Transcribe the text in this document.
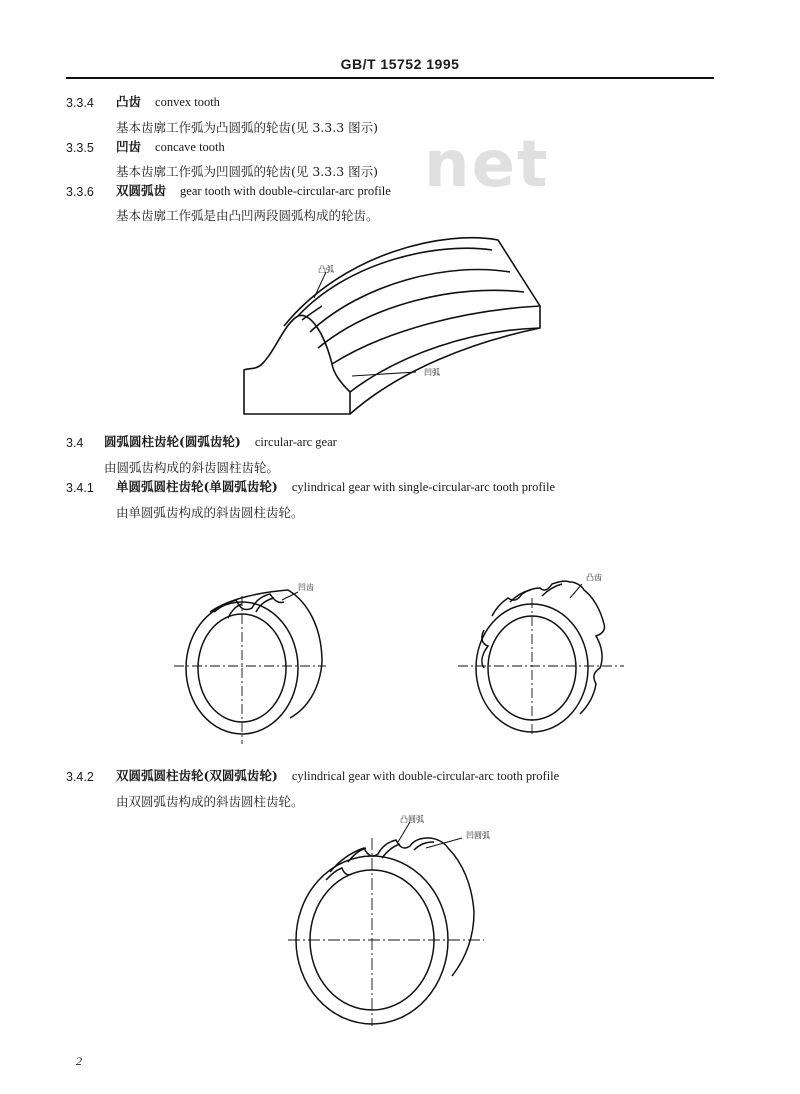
GB/T 15752 1995
net
3.3.4 凸齿 convex tooth
基本齿廓工作弧为凸圆弧的轮齿(见 3.3.3 图示)
3.3.5 凹齿 concave tooth
基本齿廓工作弧为凹圆弧的轮齿(见 3.3.3 图示)
3.3.6 双圆弧齿 gear tooth with double-circular-arc profile
基本齿廓工作弧是由凸凹两段圆弧构成的轮齿。
凸弧
凹弧
3.4 圆弧圆柱齿轮(圆弧齿轮) circular-arc gear
由圆弧齿构成的斜齿圆柱齿轮。
3.4.1 单圆弧圆柱齿轮(单圆弧齿轮) cylindrical gear with single-circular-arc tooth profile
由单圆弧齿构成的斜齿圆柱齿轮。
凹齿
凸齿
3.4.2 双圆弧圆柱齿轮(双圆弧齿轮) cylindrical gear with double-circular-arc tooth profile
由双圆弧齿构成的斜齿圆柱齿轮。
凸圆弧
凹圆弧
2
